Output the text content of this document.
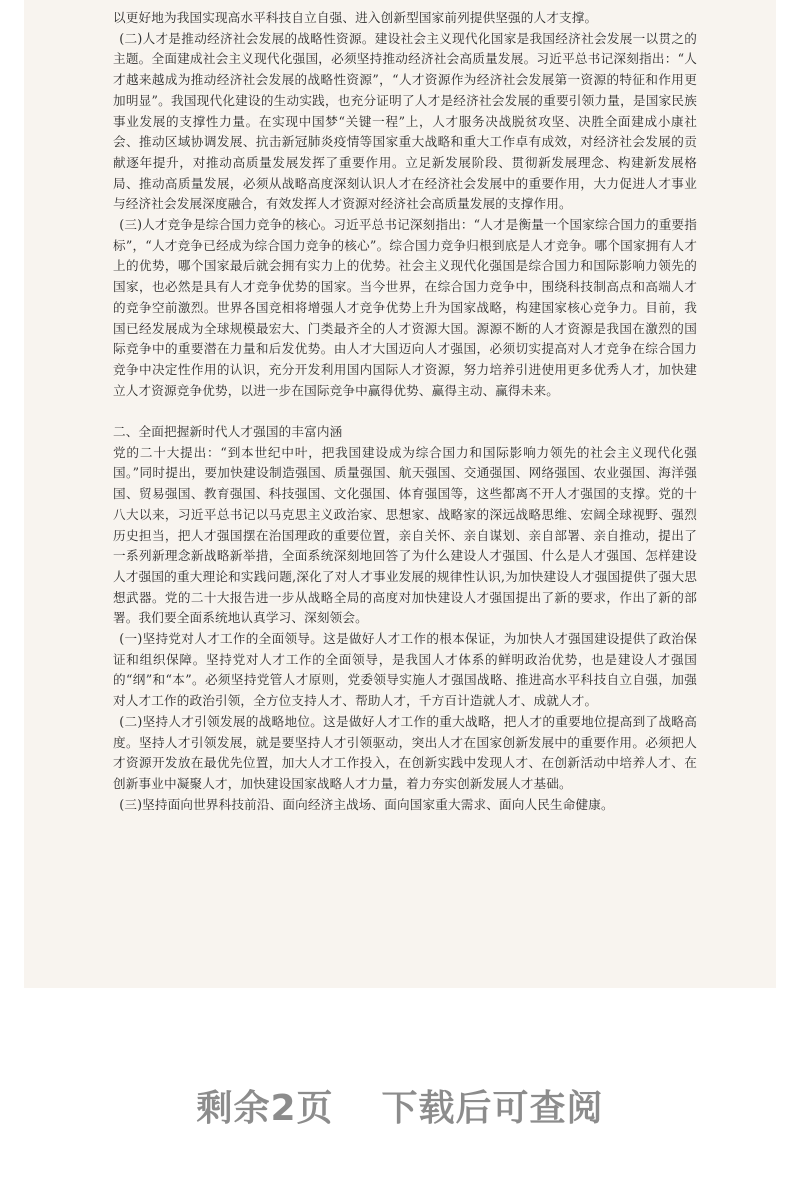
以更好地为我国实现高水平科技自立自强、进入创新型国家前列提供坚强的人才支撑。

(二)人才是推动经济社会发展的战略性资源。建设社会主义现代化国家是我国经济社会发展一以贯之的主题。全面建成社会主义现代化强国，必须坚持推动经济社会高质量发展。习近平总书记深刻指出：“人才越来越成为推动经济社会发展的战略性资源”，“人才资源作为经济社会发展第一资源的特征和作用更加明显”。我国现代化建设的生动实践，也充分证明了人才是经济社会发展的重要引领力量，是国家民族事业发展的支撑性力量。在实现中国梦“关键一程”上，人才服务决战脱贫攻坚、决胜全面建成小康社会、推动区域协调发展、抗击新冠肺炎疫情等国家重大战略和重大工作卓有成效，对经济社会发展的贡献逐年提升，对推动高质量发展发挥了重要作用。立足新发展阶段、贯彻新发展理念、构建新发展格局、推动高质量发展，必须从战略高度深刻认识人才在经济社会发展中的重要作用，大力促进人才事业与经济社会发展深度融合，有效发挥人才资源对经济社会高质量发展的支撑作用。

(三)人才竞争是综合国力竞争的核心。习近平总书记深刻指出：“人才是衡量一个国家综合国力的重要指标”，“人才竞争已经成为综合国力竞争的核心”。综合国力竞争归根到底是人才竞争。哪个国家拥有人才上的优势，哪个国家最后就会拥有实力上的优势。社会主义现代化强国是综合国力和国际影响力领先的国家，也必然是具有人才竞争优势的国家。当今世界，在综合国力竞争中，围绕科技制高点和高端人才的竞争空前激烈。世界各国竞相将增强人才竞争优势上升为国家战略，构建国家核心竞争力。目前，我国已经发展成为全球规模最宏大、门类最齐全的人才资源大国。源源不断的人才资源是我国在激烈的国际竞争中的重要潜在力量和后发优势。由人才大国迈向人才强国，必须切实提高对人才竞争在综合国力竞争中决定性作用的认识，充分开发利用国内国际人才资源，努力培养引进使用更多优秀人才，加快建立人才资源竞争优势，以进一步在国际竞争中赢得优势、赢得主动、赢得未来。

二、全面把握新时代人才强国的丰富内涵

党的二十大提出：“到本世纪中叶，把我国建设成为综合国力和国际影响力领先的社会主义现代化强国。”同时提出，要加快建设制造强国、质量强国、航天强国、交通强国、网络强国、农业强国、海洋强国、贸易强国、教育强国、科技强国、文化强国、体育强国等，这些都离不开人才强国的支撑。党的十八大以来，习近平总书记以马克思主义政治家、思想家、战略家的深远战略思维、宏阔全球视野、强烈历史担当，把人才强国摆在治国理政的重要位置，亲自关怀、亲自谋划、亲自部署、亲自推动，提出了一系列新理念新战略新举措，全面系统深刻地回答了为什么建设人才强国、什么是人才强国、怎样建设人才强国的重大理论和实践问题,深化了对人才事业发展的规律性认识,为加快建设人才强国提供了强大思想武器。党的二十大报告进一步从战略全局的高度对加快建设人才强国提出了新的要求，作出了新的部署。我们要全面系统地认真学习、深刻领会。

(一)坚持党对人才工作的全面领导。这是做好人才工作的根本保证，为加快人才强国建设提供了政治保证和组织保障。坚持党对人才工作的全面领导，是我国人才体系的鲜明政治优势，也是建设人才强国的“纲”和“本”。必须坚持党管人才原则，党委领导实施人才强国战略、推进高水平科技自立自强，加强对人才工作的政治引领，全方位支持人才、帮助人才，千方百计造就人才、成就人才。

(二)坚持人才引领发展的战略地位。这是做好人才工作的重大战略，把人才的重要地位提高到了战略高度。坚持人才引领发展，就是要坚持人才引领驱动，突出人才在国家创新发展中的重要作用。必须把人才资源开发放在最优先位置，加大人才工作投入，在创新实践中发现人才、在创新活动中培养人才、在创新事业中凝聚人才，加快建设国家战略人才力量，着力夯实创新发展人才基础。

(三)坚持面向世界科技前沿、面向经济主战场、面向国家重大需求、面向人民生命健康。

剩余2页 下载后可查阅
